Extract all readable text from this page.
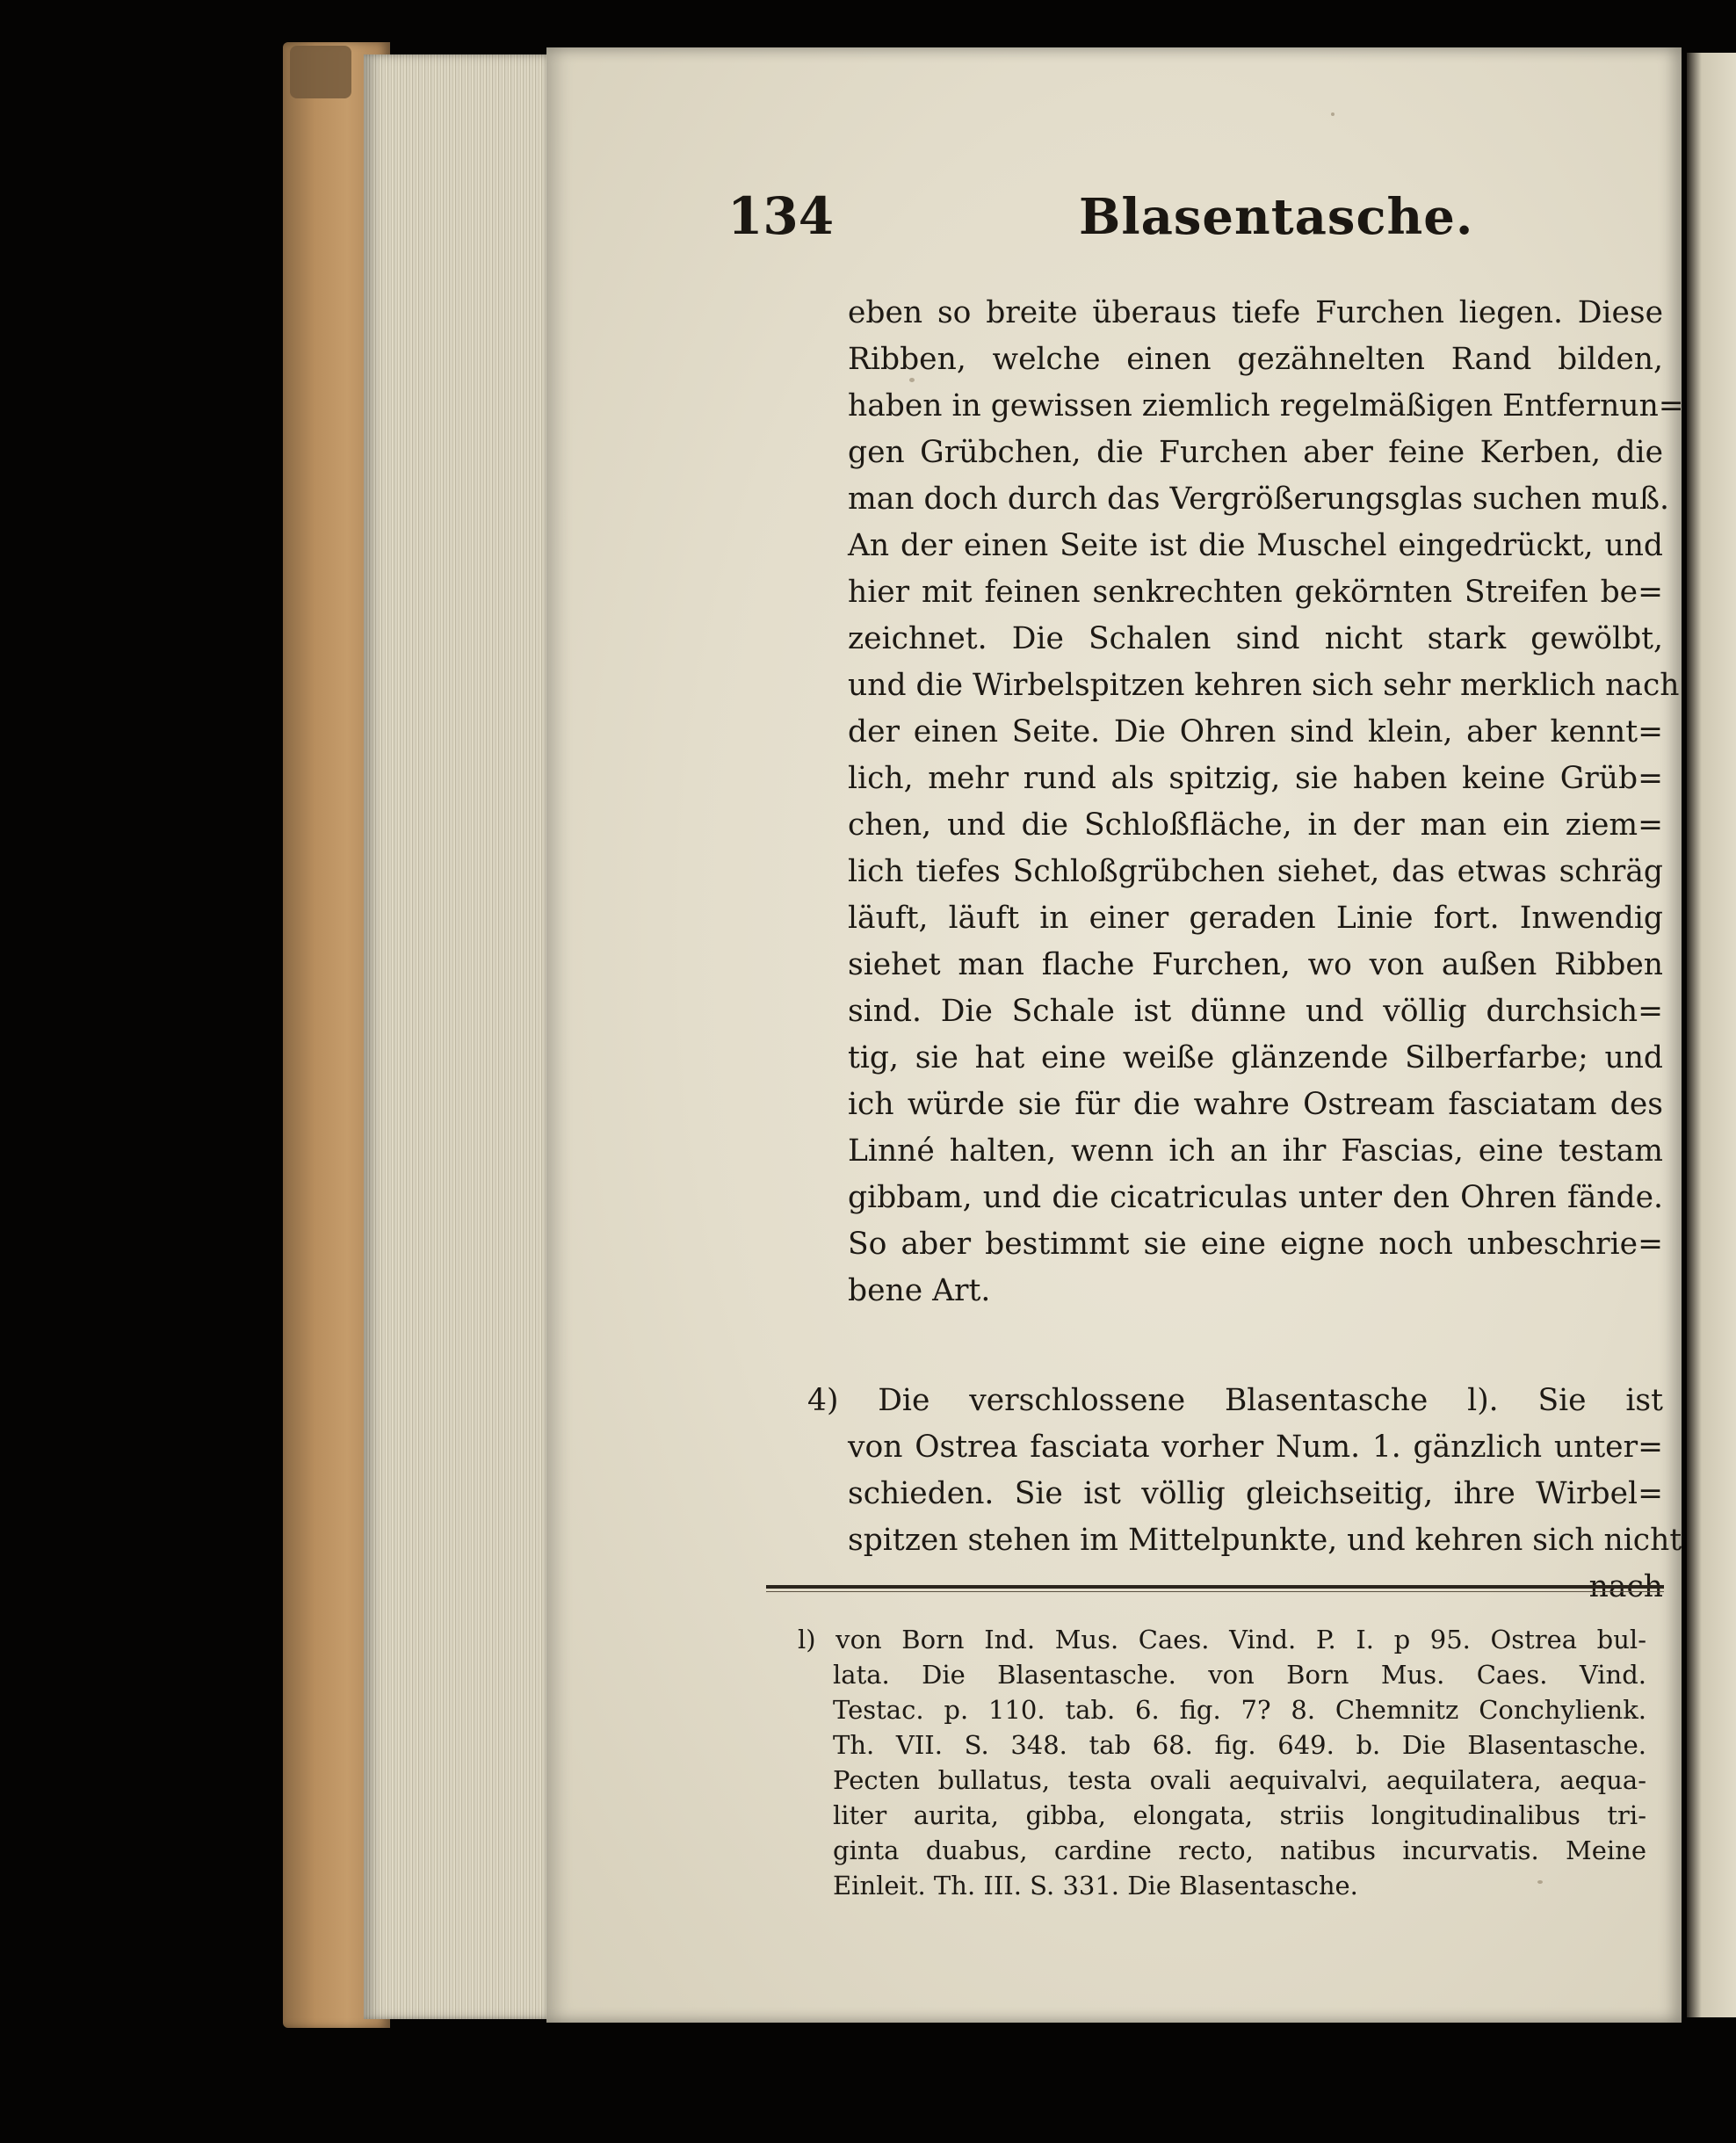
134	Blasentasche.
eben so breite überaus tiefe Furchen liegen. Diese
Ribben, welche einen gezähnelten Rand bilden,
haben in gewissen ziemlich regelmäßigen Entfernun=
gen Grübchen, die Furchen aber feine Kerben, die
man doch durch das Vergrößerungsglas suchen muß.
An der einen Seite ist die Muschel eingedrückt, und
hier mit feinen senkrechten gekörnten Streifen be=
zeichnet. Die Schalen sind nicht stark gewölbt,
und die Wirbelspitzen kehren sich sehr merklich nach
der einen Seite. Die Ohren sind klein, aber kennt=
lich, mehr rund als spitzig, sie haben keine Grüb=
chen, und die Schloßfläche, in der man ein ziem=
lich tiefes Schloßgrübchen siehet, das etwas schräg
läuft, läuft in einer geraden Linie fort. Inwendig
siehet man flache Furchen, wo von außen Ribben
sind. Die Schale ist dünne und völlig durchsich=
tig, sie hat eine weiße glänzende Silberfarbe; und
ich würde sie für die wahre Ostream fasciatam des
Linné halten, wenn ich an ihr Fascias, eine testam
gibbam, und die cicatriculas unter den Ohren fände.
So aber bestimmt sie eine eigne noch unbeschrie=
bene Art.
4) Die verschlossene Blasentasche l). Sie ist
von Ostrea fasciata vorher Num. 1. gänzlich unter=
schieden. Sie ist völlig gleichseitig, ihre Wirbel=
spitzen stehen im Mittelpunkte, und kehren sich nicht
nach
l) von Born Ind. Mus. Caes. Vind. P. I. p 95. Ostrea bul-
lata. Die Blasentasche. von Born Mus. Caes. Vind.
Testac. p. 110. tab. 6. fig. 7? 8. Chemnitz Conchylienk.
Th. VII. S. 348. tab 68. fig. 649. b. Die Blasentasche.
Pecten bullatus, testa ovali aequivalvi, aequilatera, aequa-
liter aurita, gibba, elongata, striis longitudinalibus tri-
ginta duabus, cardine recto, natibus incurvatis. Meine
Einleit. Th. III. S. 331. Die Blasentasche.
